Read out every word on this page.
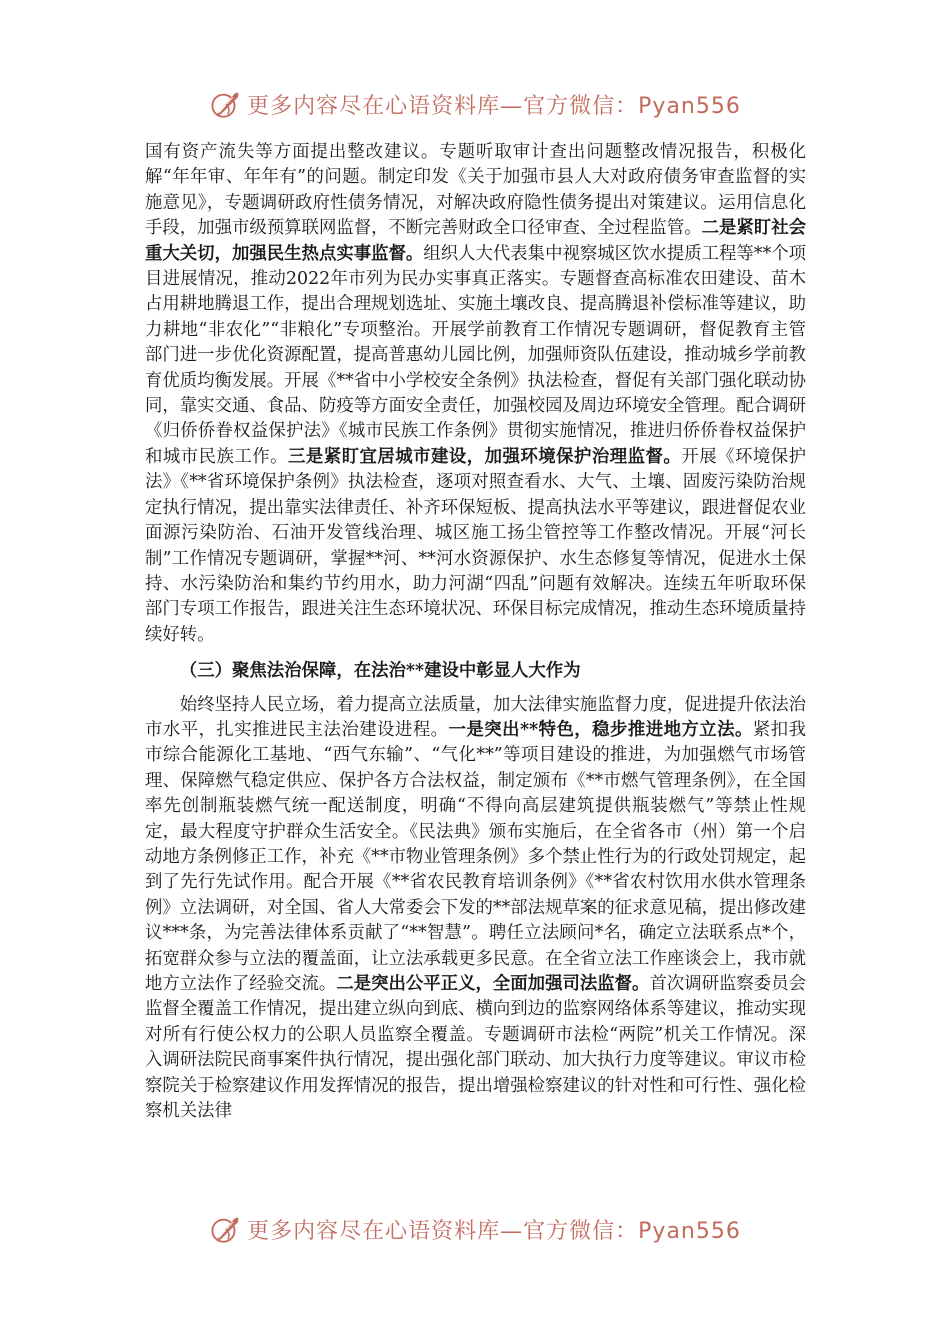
更多内容尽在心语资料库—官方微信：Pyan556

国有资产流失等方面提出整改建议。专题听取审计查出问题整改情况报告，积极化解“年年审、年年有”的问题。制定印发《关于加强市县人大对政府债务审查监督的实施意见》，专题调研政府性债务情况，对解决政府隐性债务提出对策建议。运用信息化手段，加强市级预算联网监督，不断完善财政全口径审查、全过程监管。二是紧盯社会重大关切，加强民生热点实事监督。组织人大代表集中视察城区饮水提质工程等**个项目进展情况，推动2022年市列为民办实事真正落实。专题督查高标准农田建设、苗木占用耕地腾退工作，提出合理规划选址、实施土壤改良、提高腾退补偿标准等建议，助力耕地“非农化”“非粮化”专项整治。开展学前教育工作情况专题调研，督促教育主管部门进一步优化资源配置，提高普惠幼儿园比例，加强师资队伍建设，推动城乡学前教育优质均衡发展。开展《**省中小学校安全条例》执法检查，督促有关部门强化联动协同，靠实交通、食品、防疫等方面安全责任，加强校园及周边环境安全管理。配合调研《归侨侨眷权益保护法》《城市民族工作条例》贯彻实施情况，推进归侨侨眷权益保护和城市民族工作。三是紧盯宜居城市建设，加强环境保护治理监督。开展《环境保护法》《**省环境保护条例》执法检查，逐项对照查看水、大气、土壤、固废污染防治规定执行情况，提出靠实法律责任、补齐环保短板、提高执法水平等建议，跟进督促农业面源污染防治、石油开发管线治理、城区施工扬尘管控等工作整改情况。开展“河长制”工作情况专题调研，掌握**河、**河水资源保护、水生态修复等情况，促进水土保持、水污染防治和集约节约用水，助力河湖“四乱”问题有效解决。连续五年听取环保部门专项工作报告，跟进关注生态环境状况、环保目标完成情况，推动生态环境质量持续好转。

（三）聚焦法治保障，在法治**建设中彰显人大作为

始终坚持人民立场，着力提高立法质量，加大法律实施监督力度，促进提升依法治市水平，扎实推进民主法治建设进程。一是突出**特色，稳步推进地方立法。紧扣我市综合能源化工基地、“西气东输”、“气化**”等项目建设的推进，为加强燃气市场管理、保障燃气稳定供应、保护各方合法权益，制定颁布《**市燃气管理条例》，在全国率先创制瓶装燃气统一配送制度，明确“不得向高层建筑提供瓶装燃气”等禁止性规定，最大程度守护群众生活安全。《民法典》颁布实施后，在全省各市（州）第一个启动地方条例修正工作，补充《**市物业管理条例》多个禁止性行为的行政处罚规定，起到了先行先试作用。配合开展《**省农民教育培训条例》《**省农村饮用水供水管理条例》立法调研，对全国、省人大常委会下发的**部法规草案的征求意见稿，提出修改建议***条，为完善法律体系贡献了“**智慧”。聘任立法顾问*名，确定立法联系点*个，拓宽群众参与立法的覆盖面，让立法承载更多民意。在全省立法工作座谈会上，我市就地方立法作了经验交流。二是突出公平正义，全面加强司法监督。首次调研监察委员会监督全覆盖工作情况，提出建立纵向到底、横向到边的监察网络体系等建议，推动实现对所有行使公权力的公职人员监察全覆盖。专题调研市法检“两院”机关工作情况。深入调研法院民商事案件执行情况，提出强化部门联动、加大执行力度等建议。审议市检察院关于检察建议作用发挥情况的报告，提出增强检察建议的针对性和可行性、强化检察机关法律

更多内容尽在心语资料库—官方微信：Pyan556
